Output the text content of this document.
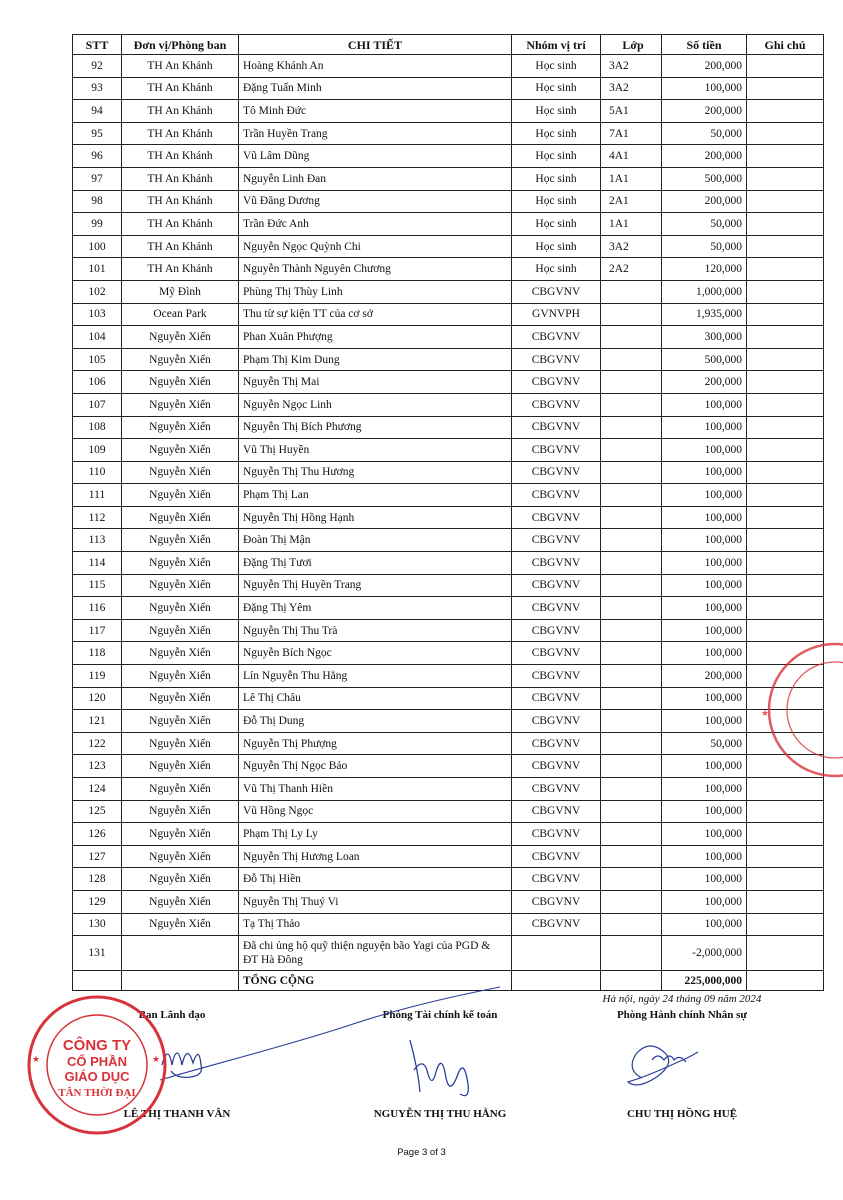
STT	Đơn vị/Phòng ban	CHI TIẾT	Nhóm vị trí	Lớp	Số tiền	Ghi chú
92	TH An Khánh	Hoàng Khánh An	Học sinh	3A2	200,000	
93	TH An Khánh	Đặng Tuấn Minh	Học sinh	3A2	100,000	
94	TH An Khánh	Tô Minh Đức	Học sinh	5A1	200,000	
95	TH An Khánh	Trần Huyền Trang	Học sinh	7A1	50,000	
96	TH An Khánh	Vũ Lâm Dũng	Học sinh	4A1	200,000	
97	TH An Khánh	Nguyễn Linh Đan	Học sinh	1A1	500,000	
98	TH An Khánh	Vũ Đăng Dương	Học sinh	2A1	200,000	
99	TH An Khánh	Trần Đức Anh	Học sinh	1A1	50,000	
100	TH An Khánh	Nguyễn Ngọc Quỳnh Chi	Học sinh	3A2	50,000	
101	TH An Khánh	Nguyễn Thành Nguyên Chương	Học sinh	2A2	120,000	
102	Mỹ Đình	Phùng Thị Thùy Linh	CBGVNV		1,000,000	
103	Ocean Park	Thu từ sự kiện TT của cơ sở	GVNVPH		1,935,000	
104	Nguyễn Xiển	Phan Xuân Phượng	CBGVNV		300,000	
105	Nguyễn Xiển	Phạm Thị Kim Dung	CBGVNV		500,000	
106	Nguyễn Xiển	Nguyễn Thị Mai	CBGVNV		200,000	
107	Nguyễn Xiển	Nguyễn Ngọc Linh	CBGVNV		100,000	
108	Nguyễn Xiển	Nguyễn Thị Bích Phương	CBGVNV		100,000	
109	Nguyễn Xiển	Vũ Thị Huyền	CBGVNV		100,000	
110	Nguyễn Xiển	Nguyễn Thị Thu Hương	CBGVNV		100,000	
111	Nguyễn Xiển	Phạm Thị Lan	CBGVNV		100,000	
112	Nguyễn Xiển	Nguyễn Thị Hồng Hạnh	CBGVNV		100,000	
113	Nguyễn Xiển	Đoàn Thị Mận	CBGVNV		100,000	
114	Nguyễn Xiển	Đặng Thị Tươi	CBGVNV		100,000	
115	Nguyễn Xiển	Nguyễn Thị Huyền Trang	CBGVNV		100,000	
116	Nguyễn Xiển	Đặng Thị Yêm	CBGVNV		100,000	
117	Nguyễn Xiển	Nguyễn Thị Thu Trà	CBGVNV		100,000	
118	Nguyễn Xiển	Nguyễn Bích Ngọc	CBGVNV		100,000	
119	Nguyễn Xiển	Lín Nguyễn Thu Hằng	CBGVNV		200,000	
120	Nguyễn Xiển	Lê Thị Châu	CBGVNV		100,000	
121	Nguyễn Xiển	Đỗ Thị Dung	CBGVNV		100,000	
122	Nguyễn Xiển	Nguyễn Thị Phượng	CBGVNV		50,000	
123	Nguyễn Xiển	Nguyễn Thị Ngọc Bảo	CBGVNV		100,000	
124	Nguyễn Xiển	Vũ Thị Thanh Hiền	CBGVNV		100,000	
125	Nguyễn Xiển	Vũ Hồng Ngọc	CBGVNV		100,000	
126	Nguyễn Xiển	Phạm Thị Ly Ly	CBGVNV		100,000	
127	Nguyễn Xiển	Nguyễn Thị Hương Loan	CBGVNV		100,000	
128	Nguyễn Xiển	Đỗ Thị Hiền	CBGVNV		100,000	
129	Nguyễn Xiển	Nguyễn Thị Thuý Vi	CBGVNV		100,000	
130	Nguyễn Xiển	Tạ Thị Thảo	CBGVNV		100,000	
131		Đã chi ủng hộ quỹ thiện nguyện bão Yagi của PGD & ĐT Hà Đông			-2,000,000	
		TỔNG CỘNG			225,000,000	
Ban Lãnh đạo
LÊ THỊ THANH VÂN
Phòng Tài chính kế toán
NGUYỄN THỊ THU HẰNG
Hà nội, ngày 24 tháng 09 năm 2024
Phòng Hành chính Nhân sự
CHU THỊ HỒNG HUỆ
CÔNG TY
CỔ PHẦN
GIÁO DỤC
TÂN THỜI ĐẠI
★	★
★
Page 3 of 3
